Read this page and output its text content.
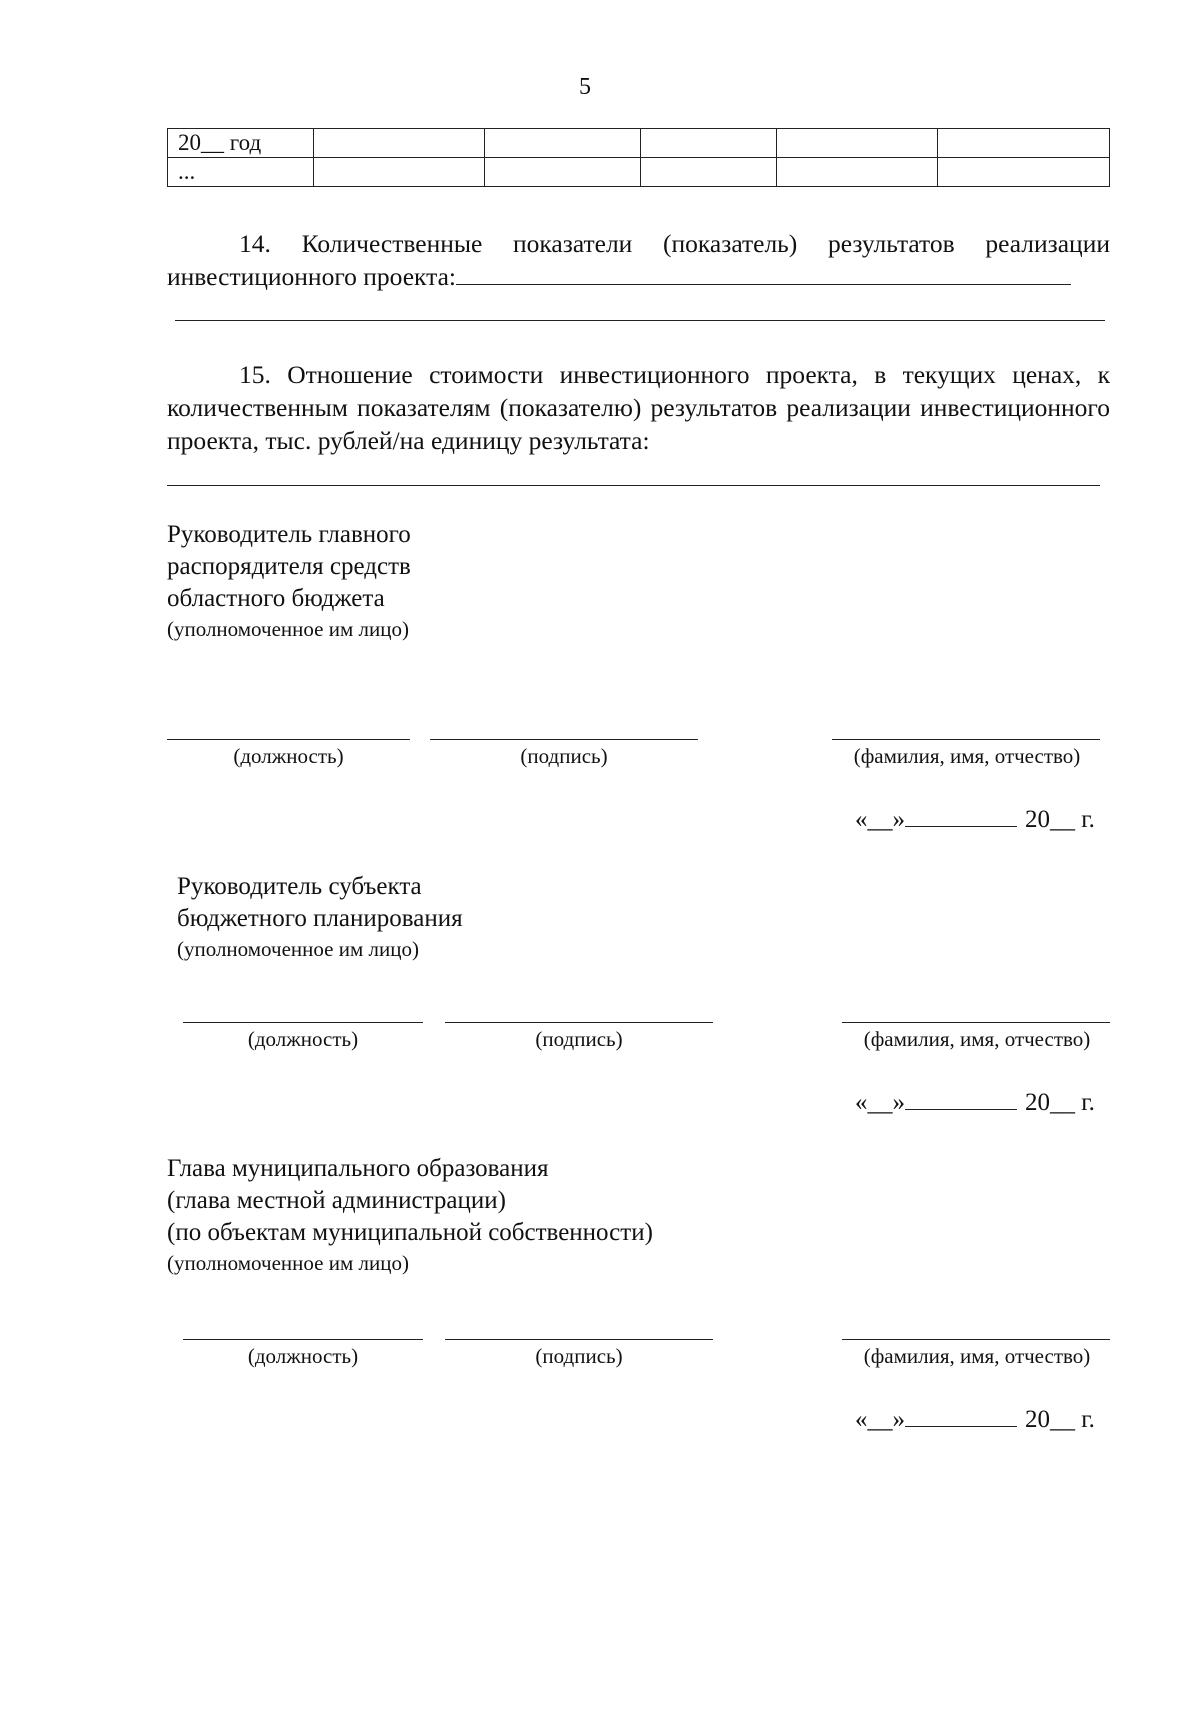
5
20__ год					
...					
14. Количественные показатели (показатель) результатов реализации инвестиционного проекта:
15. Отношение стоимости инвестиционного проекта, в текущих ценах, к количественным показателям (показателю) результатов реализации инвестиционного проекта, тыс. рублей/на единицу результата:
Руководитель главного
распорядителя средств
областного бюджета
(уполномоченное им лицо)
(должность)	(подпись)	(фамилия, имя, отчество)
«__»	20__ г.
Руководитель субъекта
бюджетного планирования
(уполномоченное им лицо)
(должность)	(подпись)	(фамилия, имя, отчество)
«__»	20__ г.
Глава муниципального образования
(глава местной администрации)
(по объектам муниципальной собственности)
(уполномоченное им лицо)
(должность)	(подпись)	(фамилия, имя, отчество)
«__»	20__ г.
